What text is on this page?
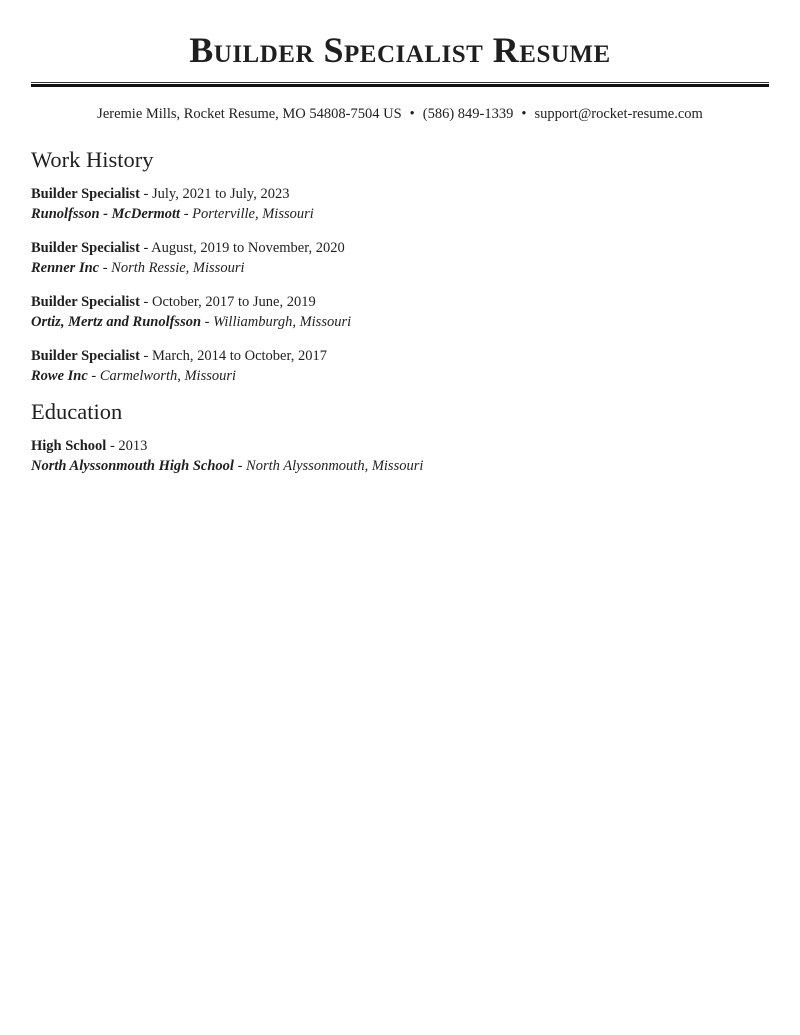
Builder Specialist Resume
Jeremie Mills, Rocket Resume, MO 54808-7504 US • (586) 849-1339 • support@rocket-resume.com
Work History
Builder Specialist - July, 2021 to July, 2023
Runolfsson - McDermott - Porterville, Missouri
Builder Specialist - August, 2019 to November, 2020
Renner Inc - North Ressie, Missouri
Builder Specialist - October, 2017 to June, 2019
Ortiz, Mertz and Runolfsson - Williamburgh, Missouri
Builder Specialist - March, 2014 to October, 2017
Rowe Inc - Carmelworth, Missouri
Education
High School - 2013
North Alyssonmouth High School - North Alyssonmouth, Missouri
